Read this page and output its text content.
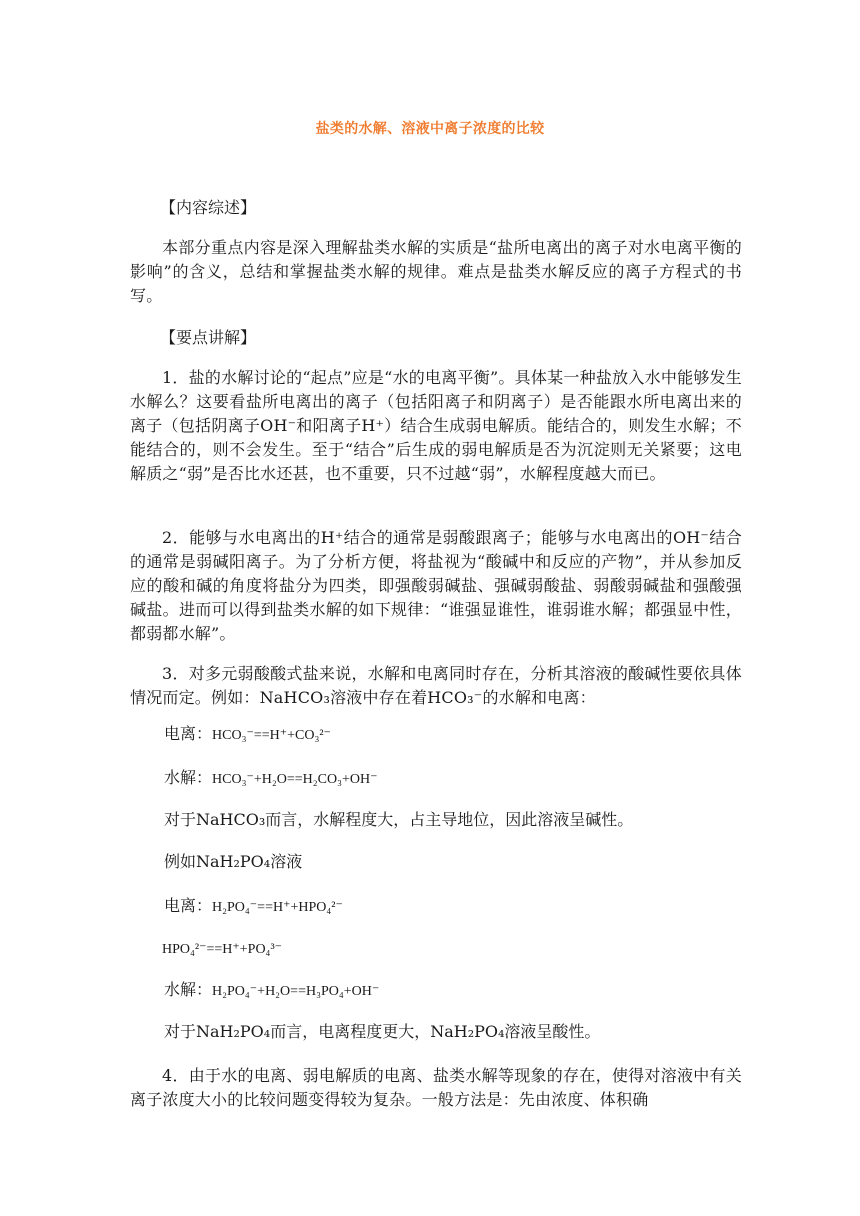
盐类的水解、溶液中离子浓度的比较
【内容综述】
本部分重点内容是深入理解盐类水解的实质是“盐所电离出的离子对水电离平衡的影响”的含义，总结和掌握盐类水解的规律。难点是盐类水解反应的离子方程式的书写。
【要点讲解】
1．盐的水解讨论的“起点”应是“水的电离平衡”。具体某一种盐放入水中能够发生水解么？这要看盐所电离出的离子（包括阳离子和阴离子）是否能跟水所电离出来的离子（包括阴离子OH⁻和阳离子H⁺）结合生成弱电解质。能结合的，则发生水解；不能结合的，则不会发生。至于“结合”后生成的弱电解质是否为沉淀则无关紧要；这电解质之“弱”是否比水还甚，也不重要，只不过越“弱”，水解程度越大而已。
2．能够与水电离出的H⁺结合的通常是弱酸跟离子；能够与水电离出的OH⁻结合的通常是弱碱阳离子。为了分析方便，将盐视为“酸碱中和反应的产物”，并从参加反应的酸和碱的角度将盐分为四类，即强酸弱碱盐、强碱弱酸盐、弱酸弱碱盐和强酸强碱盐。进而可以得到盐类水解的如下规律：“谁强显谁性，谁弱谁水解；都强显中性，都弱都水解”。
3．对多元弱酸酸式盐来说，水解和电离同时存在，分析其溶液的酸碱性要依具体情况而定。例如：NaHCO₃溶液中存在着HCO₃⁻的水解和电离：
电离：HCO₃⁻==H⁺+CO₃²⁻
水解：HCO₃⁻+H₂O==H₂CO₃+OH⁻
对于NaHCO₃而言，水解程度大，占主导地位，因此溶液呈碱性。
例如NaH₂PO₄溶液
电离：H₂PO₄⁻==H⁺+HPO₄²⁻
HPO₄²⁻==H⁺+PO₄³⁻
水解：H₂PO₄⁻+H₂O==H₃PO₄+OH⁻
对于NaH₂PO₄而言，电离程度更大，NaH₂PO₄溶液呈酸性。
4．由于水的电离、弱电解质的电离、盐类水解等现象的存在，使得对溶液中有关离子浓度大小的比较问题变得较为复杂。一般方法是：先由浓度、体积确
